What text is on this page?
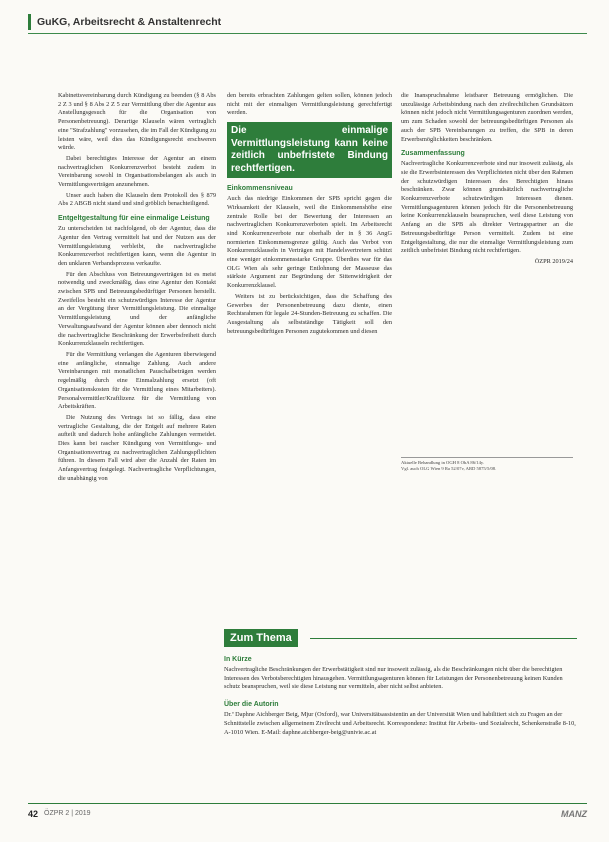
GuKG, Arbeitsrecht & Anstaltenrecht

Kabinettsvereinbarung durch Kündigung zu beenden (§ 8 Abs 2 Z 3 und § 8 Abs 2 Z 5 zur Vermittlung über die Agentur aus Anstellungsgesuch für die Organisation von Personenbetreuung). Derartige Klauseln wären vertraglich eine "Strafzahlung" vorzusehen, die im Fall der Kündigung zu leisten wäre, weil dies das Kündigungsrecht erschweren würde.

Dabei berechtigtes Interesse der Agentur an einem nachvertraglichen Konkurrenzverbot besteht zudem in Vereinbarung sowohl in Organisationsbelangen als auch in Vermittlungsverträgen anzunehmen.

Unser auch haben die Klauseln dem Protokoll des § 879 Abs 2 ABGB nicht stand und sind gröblich benachteiligend.

Entgeltgestaltung für eine einmalige Leistung

Zu unterscheiden ist nachfolgend, ob der Agentur, dass die Agentur den Vertrag vermittelt hat und der Nutzen aus der Vermittlungsleistung verbleibt, die nachvertragliche Konkurrenzverbot rechtfertigen kann, wenn die Agentur in den unklaren Verbandsprozess verkaufte.

Für den Abschluss von Betreuungsverträgen ist es meist notwendig und zweckmäßig, dass eine Agentur den Kontakt zwischen SPB und Betreuungsbedürftiger Personen herstellt. Zweifellos besteht ein schutzwürdiges Interesse der Agentur an der Vergütung ihrer Vermittlungsleistung. Die einmalige Vermittlungsleistung und der anfängliche Verwaltungsaufwand der Agentur können aber dennoch nicht die nachvertragliche Beschränkung der Erwerbsfreiheit durch Konkurrenzklauseln rechtfertigen.

Für die Vermittlung verlangen die Agenturen überwiegend eine anfängliche, einmalige Zahlung. Auch andere Vereinbarungen mit monatlichen Pauschalbeträgen werden regelmäßig durch eine Einmalzahlung ersetzt (oft Organisationskosten für die Vermittlung eines Mitarbeiters). Personalvermittler/Kraftlizenz für die Vermittlung von Arbeitskräften.

Die Nutzung des Vertrags ist so fällig, dass eine vertragliche Gestaltung, die der Entgelt auf mehrere Raten aufteilt und dadurch hohe anfängliche Zahlungen vermeidet. Dies kann bei rascher Kündigung von Vermittlungs- und Organisationsvertrag zu nachvertraglichen Zahlungspflichten führen. In diesem Fall wird aber die Anzahl der Raten im Anfangsvertrag festgelegt. Nachvertragliche Verpflichtungen, die unabhängig von

den bereits erbrachten Zahlungen gelten sollen, können jedoch nicht mit der einmaligen Vermittlungsleistung gerechtfertigt werden.

Die einmalige Vermittlungsleistung kann keine zeitlich unbefristete Bindung rechtfertigen.
Einkommensniveau

Auch das niedrige Einkommen der SPB spricht gegen die Wirksamkeit der Klauseln, weil die Einkommenshöhe eine zentrale Rolle bei der Bewertung der Interessen an nachvertraglichen Konkurrenzverboten spielt. Im Arbeitsrecht sind Konkurrenzverbote nur oberhalb der in § 36 AngG normierten Einkommensgrenze gültig. Auch das Verbot von Konkurrenzklauseln in Verträgen mit Handelsvertretern schützt eine weniger einkommensstarke Gruppe. Überdies war für das OLG Wien als sehr geringe Entlohnung der Masseuse das stärkste Argument zur Begründung der Sittenwidrigkeit der Konkurrenzklausel.

Weiters ist zu berücksichtigen, dass die Schaffung des Gewerbes der Personenbetreuung dazu diente, einen Rechtsrahmen für legale 24-Stunden-Betreuung zu schaffen. Die Ausgestaltung als selbstständige Tätigkeit soll den betreuungsbedürftigen Personen zugutekommen und diesen

die Inanspruchnahme leistbarer Betreuung ermöglichen. Die unzulässige Arbeitsbindung nach den zivilrechtlichen Grundsätzen können nicht jedoch nicht Vermittlungsagenturen zuordnen werden, um zum Schaden sowohl der betreuungsbedürftigen Personen als auch der SPB Vereinbarungen zu treffen, die SPB in deren Erwerbsmöglichkeiten beschränken.

Zusammenfassung

Nachvertragliche Konkurrenzverbote sind nur insoweit zulässig, als sie die Erwerbsinteressen des Verpflichteten nicht über den Rahmen der schutzwürdigen Interessen des Berechtigten hinaus beschränken. Zwar können grundsätzlich nachvertragliche Konkurrenzverbote schutzwürdigen Interessen dienen. Vermittlungsagenturen können jedoch für die Personenbetreuung keine Konkurrenzklauseln beanspruchen, weil diese Leistung von Anfang an die SPB als direkter Vertragspartner an die Betreuungsbedürftige Person vermittelt. Zudem ist eine Entgeltgestaltung, die nur die einmalige Vermittlungsleistung zum zeitlich unbefristet Bindung nicht rechtfertigen.

ÖZPR 2019/24
Aktuelle Behandlung in OGH 8 ObA 86/14y.
Vgl. auch OLG Wien 9 Ra 52/07v, ARD 5875/5/08.
Zum Thema
In Kürze
Nachvertragliche Beschränkungen der Erwerbstätigkeit sind nur insoweit zulässig, als die Beschränkungen nicht über die berechtigten Interessen des Verbotsberechtigten hinausgehen. Vermittlungsagenturen können für Leistungen der Personenbetreuung keinen Kunden schutz beanspruchen, weil sie diese Leistung nur vermitteln, aber nicht selbst anbieten.
Über die Autorin
Dr.ª Daphne Aichberger Beig, Mjur (Oxford), war Universitätsassistentin an der Universität Wien und habilitiert sich zu Fragen an der Schnittstelle zwischen allgemeinem Zivilrecht und Arbeitsrecht. Korrespondenz: Institut für Arbeits- und Sozialrecht, Schenkenstraße 8-10, A-1010 Wien. E-Mail: daphne.aichberger-beig@univie.ac.at
42 ÖZPR 2 | 2019	MANZ
